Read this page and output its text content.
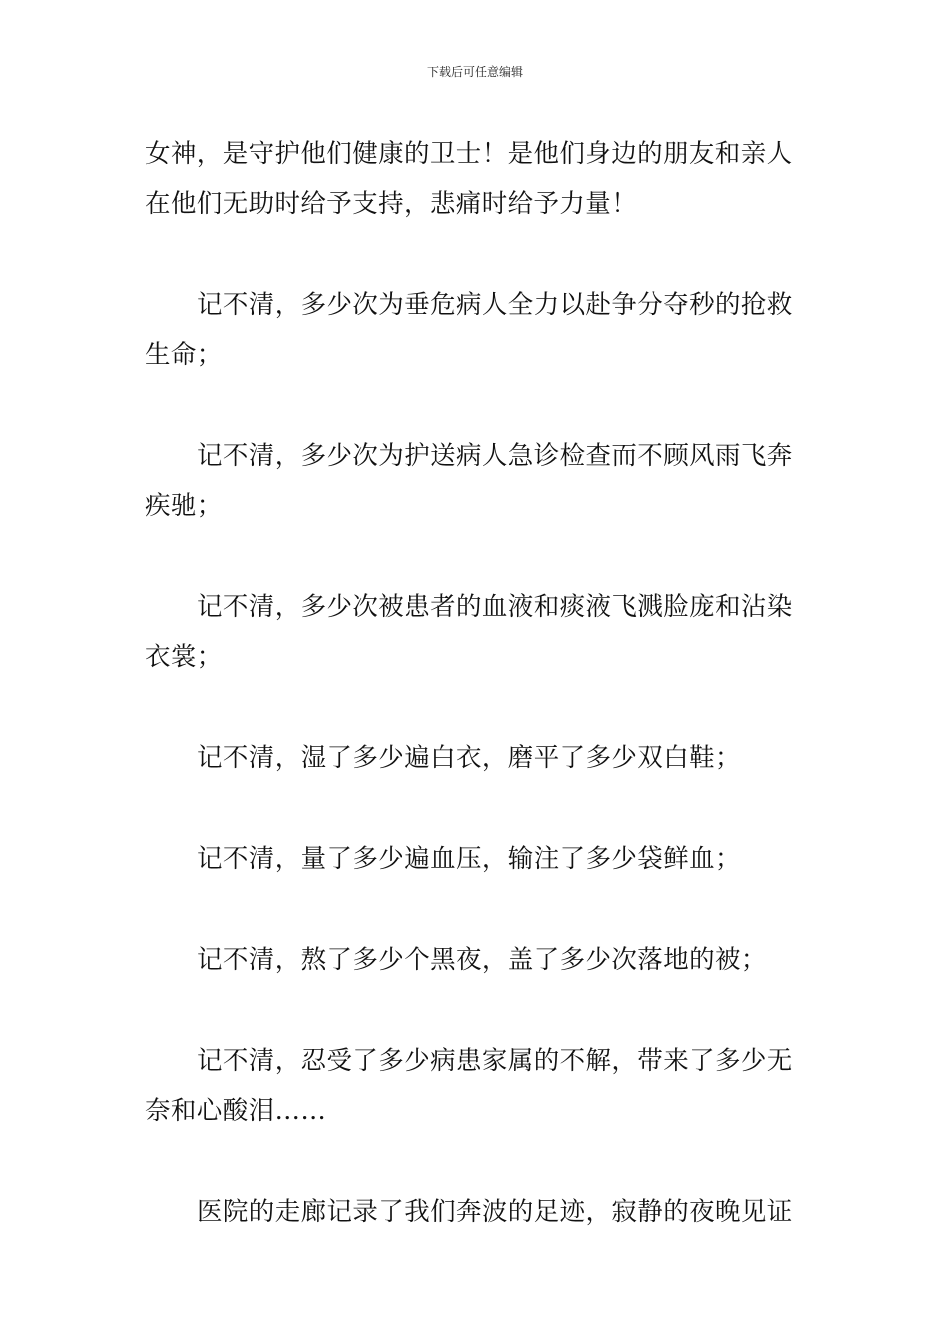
下载后可任意编辑

女神，是守护他们健康的卫士！是他们身边的朋友和亲人在他们无助时给予支持，悲痛时给予力量！

记不清，多少次为垂危病人全力以赴争分夺秒的抢救生命；

记不清，多少次为护送病人急诊检查而不顾风雨飞奔疾驰；

记不清，多少次被患者的血液和痰液飞溅脸庞和沾染衣裳；

记不清，湿了多少遍白衣，磨平了多少双白鞋；

记不清，量了多少遍血压，输注了多少袋鲜血；

记不清，熬了多少个黑夜，盖了多少次落地的被；

记不清，忍受了多少病患家属的不解，带来了多少无奈和心酸泪……

医院的走廊记录了我们奔波的足迹，寂静的夜晚见证
